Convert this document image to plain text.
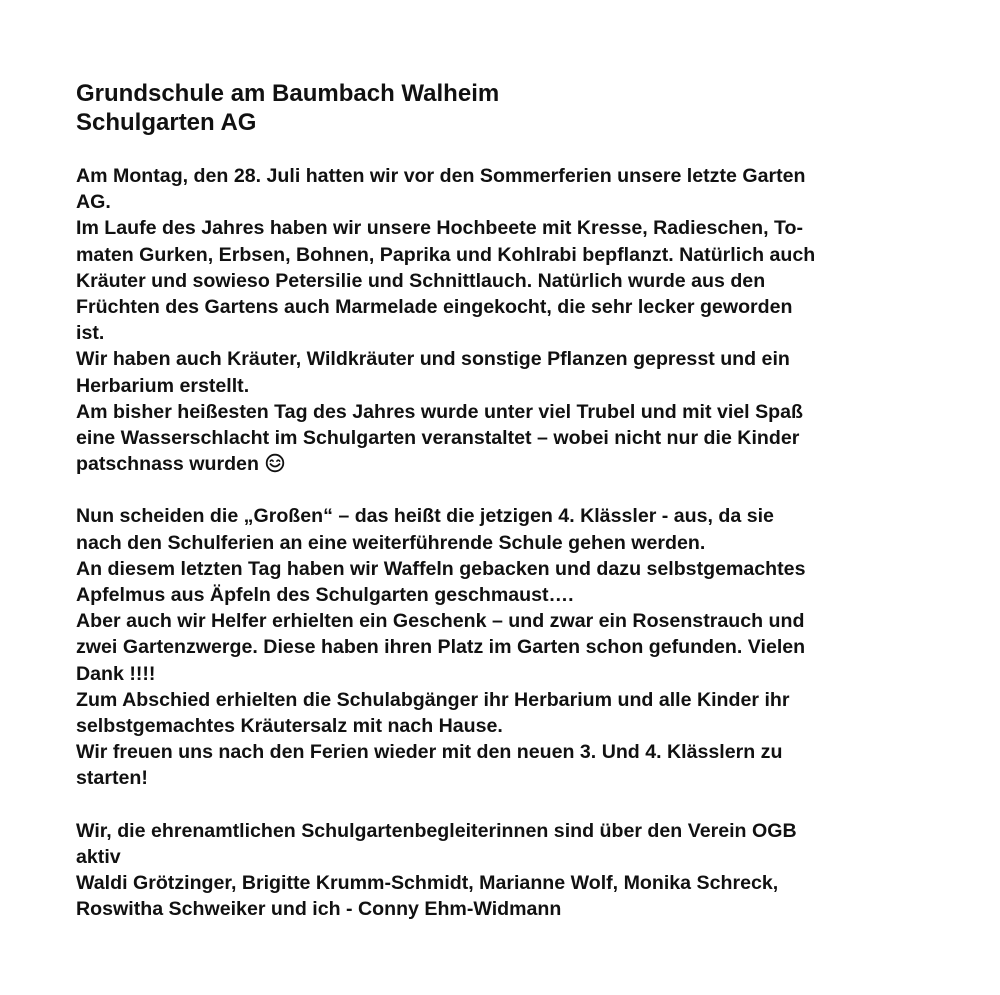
Grundschule am Baumbach Walheim
Schulgarten AG

Am Montag, den 28. Juli hatten wir vor den Sommerferien unsere letzte Garten
AG.
Im Laufe des Jahres haben wir unsere Hochbeete mit Kresse, Radieschen, To-
maten Gurken, Erbsen, Bohnen, Paprika und Kohlrabi bepflanzt. Natürlich auch
Kräuter und sowieso Petersilie und Schnittlauch. Natürlich wurde aus den
Früchten des Gartens auch Marmelade eingekocht, die sehr lecker geworden
ist.
Wir haben auch Kräuter, Wildkräuter und sonstige Pflanzen gepresst und ein
Herbarium erstellt.
Am bisher heißesten Tag des Jahres wurde unter viel Trubel und mit viel Spaß
eine Wasserschlacht im Schulgarten veranstaltet – wobei nicht nur die Kinder
patschnass wurden

Nun scheiden die „Großen“ – das heißt die jetzigen 4. Klässler - aus, da sie
nach den Schulferien an eine weiterführende Schule gehen werden.
An diesem letzten Tag haben wir Waffeln gebacken und dazu selbstgemachtes
Apfelmus aus Äpfeln des Schulgarten geschmaust….
Aber auch wir Helfer erhielten ein Geschenk – und zwar ein Rosenstrauch und
zwei Gartenzwerge. Diese haben ihren Platz im Garten schon gefunden. Vielen
Dank !!!!
Zum Abschied erhielten die Schulabgänger ihr Herbarium und alle Kinder ihr
selbstgemachtes Kräutersalz mit nach Hause.
Wir freuen uns nach den Ferien wieder mit den neuen 3. Und 4. Klässlern zu
starten!

Wir, die ehrenamtlichen Schulgartenbegleiterinnen sind über den Verein OGB
aktiv
Waldi Grötzinger, Brigitte Krumm-Schmidt, Marianne Wolf, Monika Schreck,
Roswitha Schweiker und ich - Conny Ehm-Widmann
